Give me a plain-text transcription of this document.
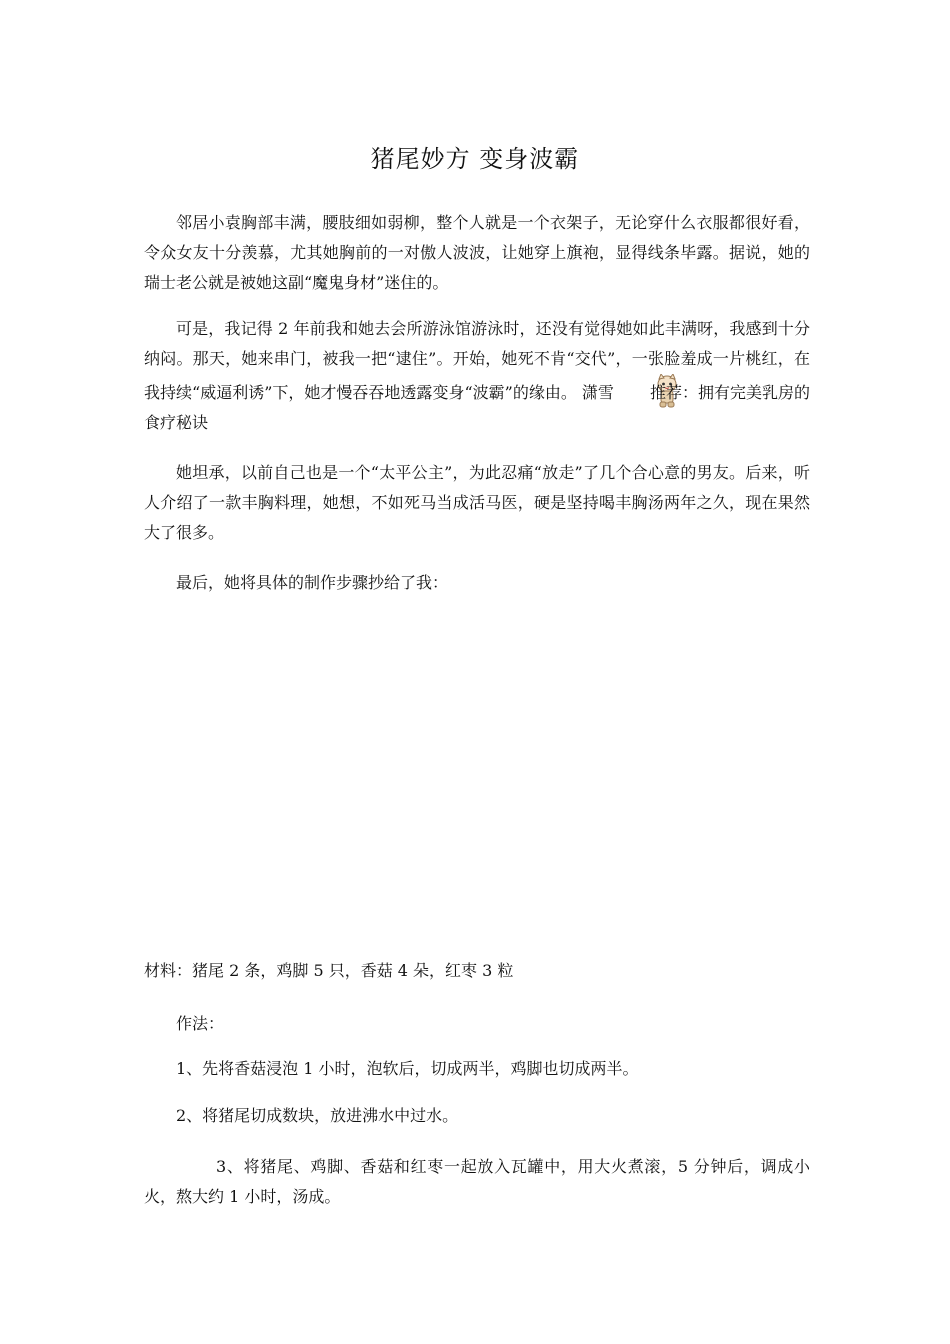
猪尾妙方 变身波霸
邻居小袁胸部丰满，腰肢细如弱柳，整个人就是一个衣架子，无论穿什么衣服都很好看，令众女友十分羡慕，尤其她胸前的一对傲人波波，让她穿上旗袍，显得线条毕露。据说，她的瑞士老公就是被她这副“魔鬼身材”迷住的。
可是，我记得 2 年前我和她去会所游泳馆游泳时，还没有觉得她如此丰满呀，我感到十分纳闷。那天，她来串门，被我一把“逮住”。开始，她死不肯“交代”，一张脸羞成一片桃红，在我持续“威逼利诱”下，她才慢吞吞地透露变身“波霸”的缘由。 潇雪 推荐：拥有完美乳房的食疗秘诀
她坦承，以前自己也是一个“太平公主”，为此忍痛“放走”了几个合心意的男友。后来，听人介绍了一款丰胸料理，她想，不如死马当成活马医，硬是坚持喝丰胸汤两年之久，现在果然大了很多。
最后，她将具体的制作步骤抄给了我：
材料：猪尾 2 条，鸡脚 5 只，香菇 4 朵，红枣 3 粒
作法：
1、先将香菇浸泡 1 小时，泡软后，切成两半，鸡脚也切成两半。
2、将猪尾切成数块，放进沸水中过水。
3、将猪尾、鸡脚、香菇和红枣一起放入瓦罐中，用大火煮滚，5 分钟后，调成小火，熬大约 1 小时，汤成。
